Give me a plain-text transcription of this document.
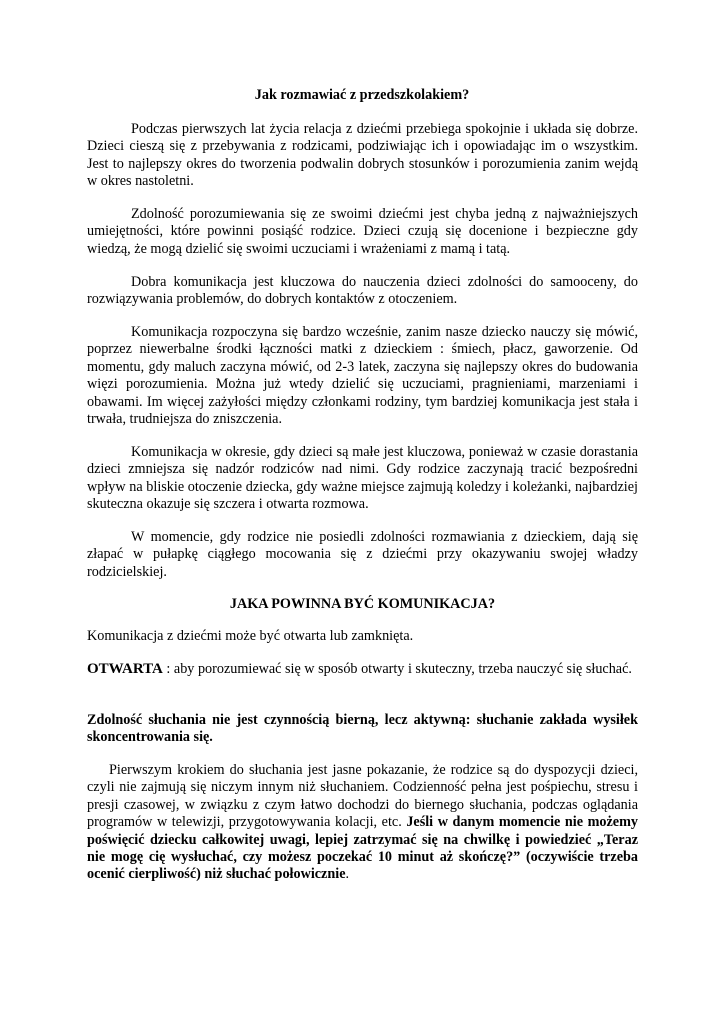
Jak rozmawiać z przedszkolakiem?

Podczas pierwszych lat życia relacja z dziećmi przebiega spokojnie i układa się dobrze. Dzieci cieszą się z przebywania z rodzicami, podziwiając ich i opowiadając im o wszystkim. Jest to najlepszy okres do tworzenia podwalin dobrych stosunków i porozumienia zanim wejdą w okres nastoletni.

Zdolność porozumiewania się ze swoimi dziećmi jest chyba jedną z najważniejszych umiejętności, które powinni posiąść rodzice. Dzieci czują się docenione i bezpieczne gdy wiedzą, że mogą dzielić się swoimi uczuciami i wrażeniami z mamą i tatą.

Dobra komunikacja jest kluczowa do nauczenia dzieci zdolności do samooceny, do rozwiązywania problemów, do dobrych kontaktów z otoczeniem.

Komunikacja rozpoczyna się bardzo wcześnie, zanim nasze dziecko nauczy się mówić, poprzez niewerbalne środki łączności matki z dzieckiem : śmiech, płacz, gaworzenie. Od momentu, gdy maluch zaczyna mówić, od 2-3 latek, zaczyna się najlepszy okres do budowania więzi porozumienia. Można już wtedy dzielić się uczuciami, pragnieniami, marzeniami i obawami. Im więcej zażyłości między członkami rodziny, tym bardziej komunikacja jest stała i trwała, trudniejsza do zniszczenia.

Komunikacja w okresie, gdy dzieci są małe jest kluczowa, ponieważ w czasie dorastania dzieci zmniejsza się nadzór rodziców nad nimi. Gdy rodzice zaczynają tracić bezpośredni wpływ na bliskie otoczenie dziecka, gdy ważne miejsce zajmują koledzy i koleżanki, najbardziej skuteczna okazuje się szczera i otwarta rozmowa.

W momencie, gdy rodzice nie posiedli zdolności rozmawiania z dzieckiem, dają się złapać w pułapkę ciągłego mocowania się z dziećmi przy okazywaniu swojej władzy rodzicielskiej.

JAKA POWINNA BYĆ KOMUNIKACJA?

Komunikacja z dziećmi może być otwarta lub zamknięta.

OTWARTA : aby porozumiewać się w sposób otwarty i skuteczny, trzeba nauczyć się słuchać.

Zdolność słuchania nie jest czynnością bierną, lecz aktywną: słuchanie zakłada wysiłek skoncentrowania się.

Pierwszym krokiem do słuchania jest jasne pokazanie, że rodzice są do dyspozycji dzieci, czyli nie zajmują się niczym innym niż słuchaniem. Codzienność pełna jest pośpiechu, stresu i presji czasowej, w związku z czym łatwo dochodzi do biernego słuchania, podczas oglądania programów w telewizji, przygotowywania kolacji, etc. Jeśli w danym momencie nie możemy poświęcić dziecku całkowitej uwagi, lepiej zatrzymać się na chwilkę i powiedzieć „Teraz nie mogę cię wysłuchać, czy możesz poczekać 10 minut aż skończę?” (oczywiście trzeba ocenić cierpliwość) niż słuchać połowicznie.
